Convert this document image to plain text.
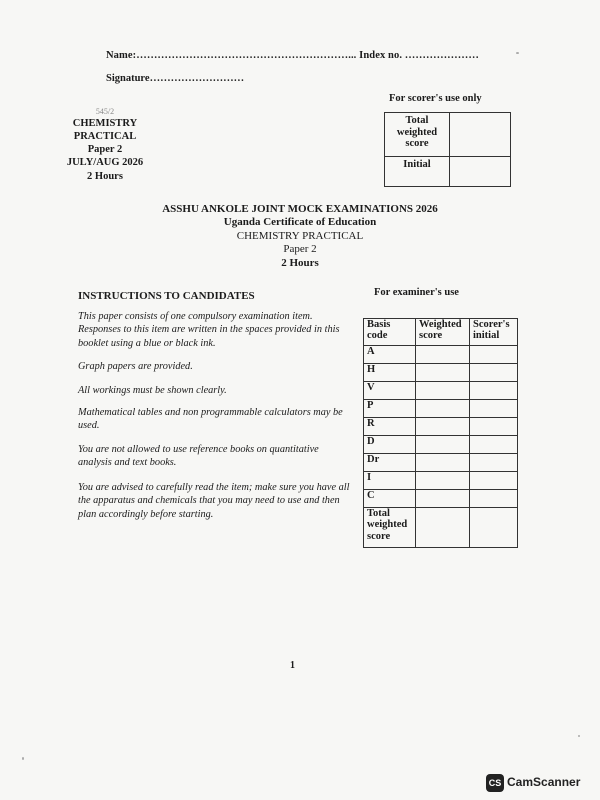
Name:……………………………………………………... Index no. …………………
Signature………………………
For scorer's use only
Total weighted score	
Initial	
545/2
CHEMISTRY
PRACTICAL
Paper 2
JULY/AUG 2026
2 Hours
ASSHU ANKOLE JOINT MOCK EXAMINATIONS 2026
Uganda Certificate of Education
CHEMISTRY PRACTICAL
Paper 2
2 Hours
INSTRUCTIONS TO CANDIDATES
This paper consists of one compulsory examination item. Responses to this item are written in the spaces provided in this booklet using a blue or black ink.
Graph papers are provided.
All workings must be shown clearly.
Mathematical tables and non programmable calculators may be used.
You are not allowed to use reference books on quantitative analysis and text books.
You are advised to carefully read the item; make sure you have all the apparatus and chemicals that you may need to use and then plan accordingly before starting.
For examiner's use
Basis code	Weighted score	Scorer's initial
A		
H		
V		
P		
R		
D		
Dr		
I		
C		
Total weighted score		
1
CS CamScanner
